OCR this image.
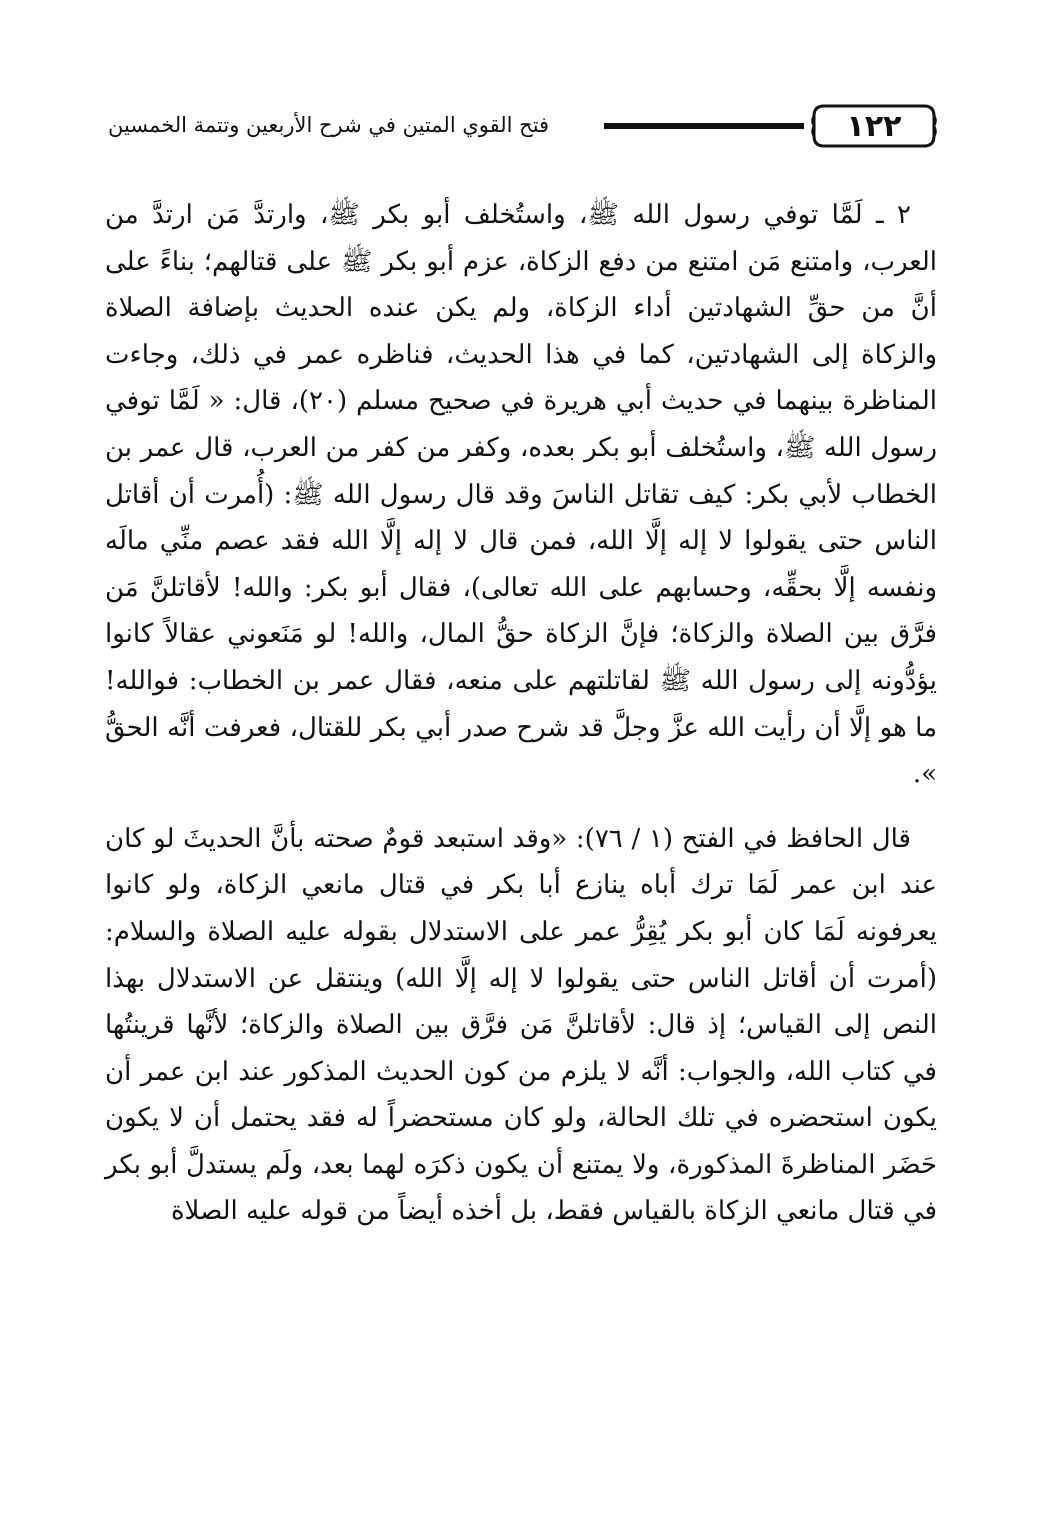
١٢٢
فتح القوي المتين في شرح الأربعين وتتمة الخمسين

٢ ـ لَمَّا توفي رسول الله ﷺ، واستُخلف أبو بكر ﷺ، وارتدَّ مَن ارتدَّ من العرب، وامتنع مَن امتنع من دفع الزكاة، عزم أبو بكر ﷺ على قتالهم؛ بناءً على أنَّ من حقِّ الشهادتين أداء الزكاة، ولم يكن عنده الحديث بإضافة الصلاة والزكاة إلى الشهادتين، كما في هذا الحديث، فناظره عمر في ذلك، وجاءت المناظرة بينهما في حديث أبي هريرة في صحيح مسلم (٢٠)، قال: « لَمَّا توفي رسول الله ﷺ، واستُخلف أبو بكر بعده، وكفر من كفر من العرب، قال عمر بن الخطاب لأبي بكر: كيف تقاتل الناسَ وقد قال رسول الله ﷺ: (أُمرت أن أقاتل الناس حتى يقولوا لا إله إلَّا الله، فمن قال لا إله إلَّا الله فقد عصم منِّي مالَه ونفسه إلَّا بحقِّه، وحسابهم على الله تعالى)، فقال أبو بكر: والله! لأقاتلنَّ مَن فرَّق بين الصلاة والزكاة؛ فإنَّ الزكاة حقُّ المال، والله! لو مَنَعوني عقالاً كانوا يؤدُّونه إلى رسول الله ﷺ لقاتلتهم على منعه، فقال عمر بن الخطاب: فوالله! ما هو إلَّا أن رأيت الله عزَّ وجلَّ قد شرح صدر أبي بكر للقتال، فعرفت أنَّه الحقُّ ».

قال الحافظ في الفتح (١ / ٧٦): «وقد استبعد قومٌ صحته بأنَّ الحديثَ لو كان عند ابن عمر لَمَا ترك أباه ينازع أبا بكر في قتال مانعي الزكاة، ولو كانوا يعرفونه لَمَا كان أبو بكر يُقِرُّ عمر على الاستدلال بقوله عليه الصلاة والسلام: (أمرت أن أقاتل الناس حتى يقولوا لا إله إلَّا الله) وينتقل عن الاستدلال بهذا النص إلى القياس؛ إذ قال: لأقاتلنَّ مَن فرَّق بين الصلاة والزكاة؛ لأنَّها قرينتُها في كتاب الله، والجواب: أنَّه لا يلزم من كون الحديث المذكور عند ابن عمر أن يكون استحضره في تلك الحالة، ولو كان مستحضراً له فقد يحتمل أن لا يكون حَضَر المناظرةَ المذكورة، ولا يمتنع أن يكون ذكرَه لهما بعد، ولَم يستدلَّ أبو بكر في قتال مانعي الزكاة بالقياس فقط، بل أخذه أيضاً من قوله عليه الصلاة
